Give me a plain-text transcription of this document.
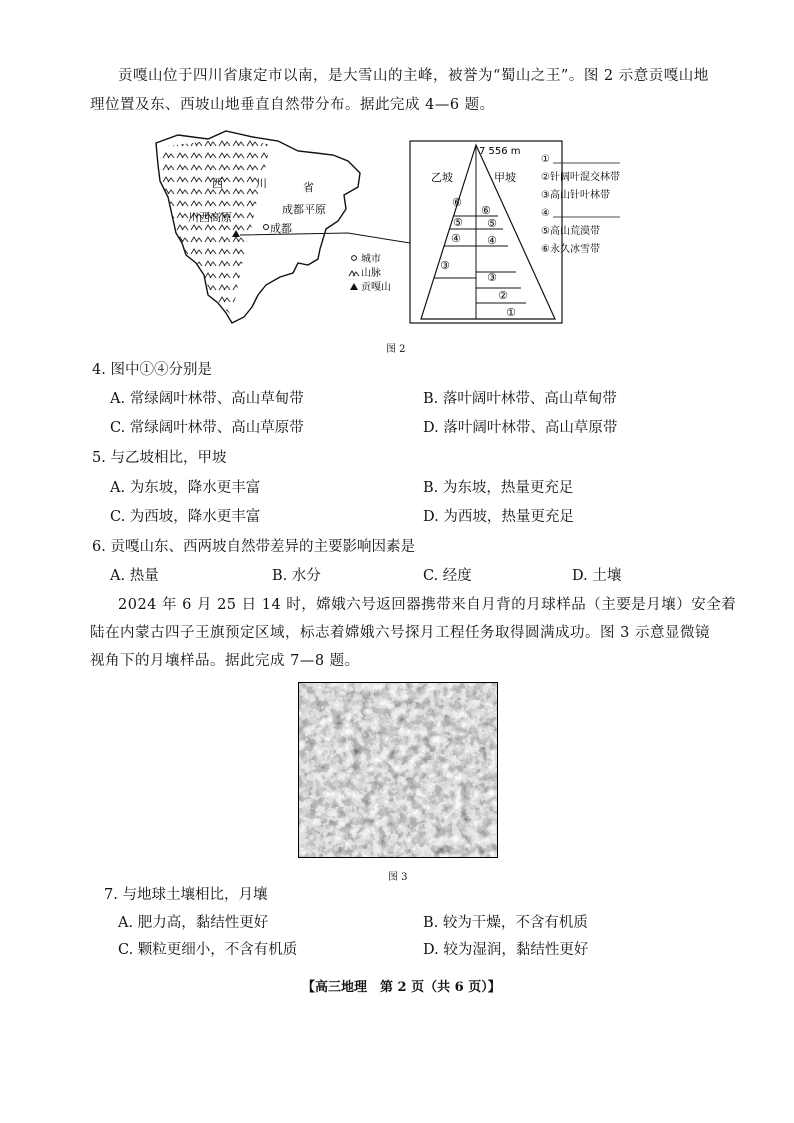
贡嘎山位于四川省康定市以南，是大雪山的主峰，被誉为“蜀山之王”。图 2 示意贡嘎山地
理位置及东、西坡山地垂直自然带分布。据此完成 4—6 题。
西	川	省
川西高原
成都平原
成都
城市
山脉
贡嘎山
7 556 m
乙坡	甲坡
⑥
⑤
④
③
⑥
⑤
④
③
②
①
①
②针阔叶混交林带
③高山针叶林带
④
⑤高山荒漠带
⑥永久冰雪带
图 2
4. 图中①④分别是
A. 常绿阔叶林带、高山草甸带	B. 落叶阔叶林带、高山草甸带
C. 常绿阔叶林带、高山草原带	D. 落叶阔叶林带、高山草原带
5. 与乙坡相比，甲坡
A. 为东坡，降水更丰富	B. 为东坡，热量更充足
C. 为西坡，降水更丰富	D. 为西坡，热量更充足
6. 贡嘎山东、西两坡自然带差异的主要影响因素是
A. 热量	B. 水分	C. 经度	D. 土壤
2024 年 6 月 25 日 14 时，嫦娥六号返回器携带来自月背的月球样品（主要是月壤）安全着
陆在内蒙古四子王旗预定区域，标志着嫦娥六号探月工程任务取得圆满成功。图 3 示意显微镜
视角下的月壤样品。据此完成 7—8 题。
图 3
7. 与地球土壤相比，月壤
A. 肥力高，黏结性更好	B. 较为干燥，不含有机质
C. 颗粒更细小，不含有机质	D. 较为湿润，黏结性更好
【高三地理　第 2 页（共 6 页）】
